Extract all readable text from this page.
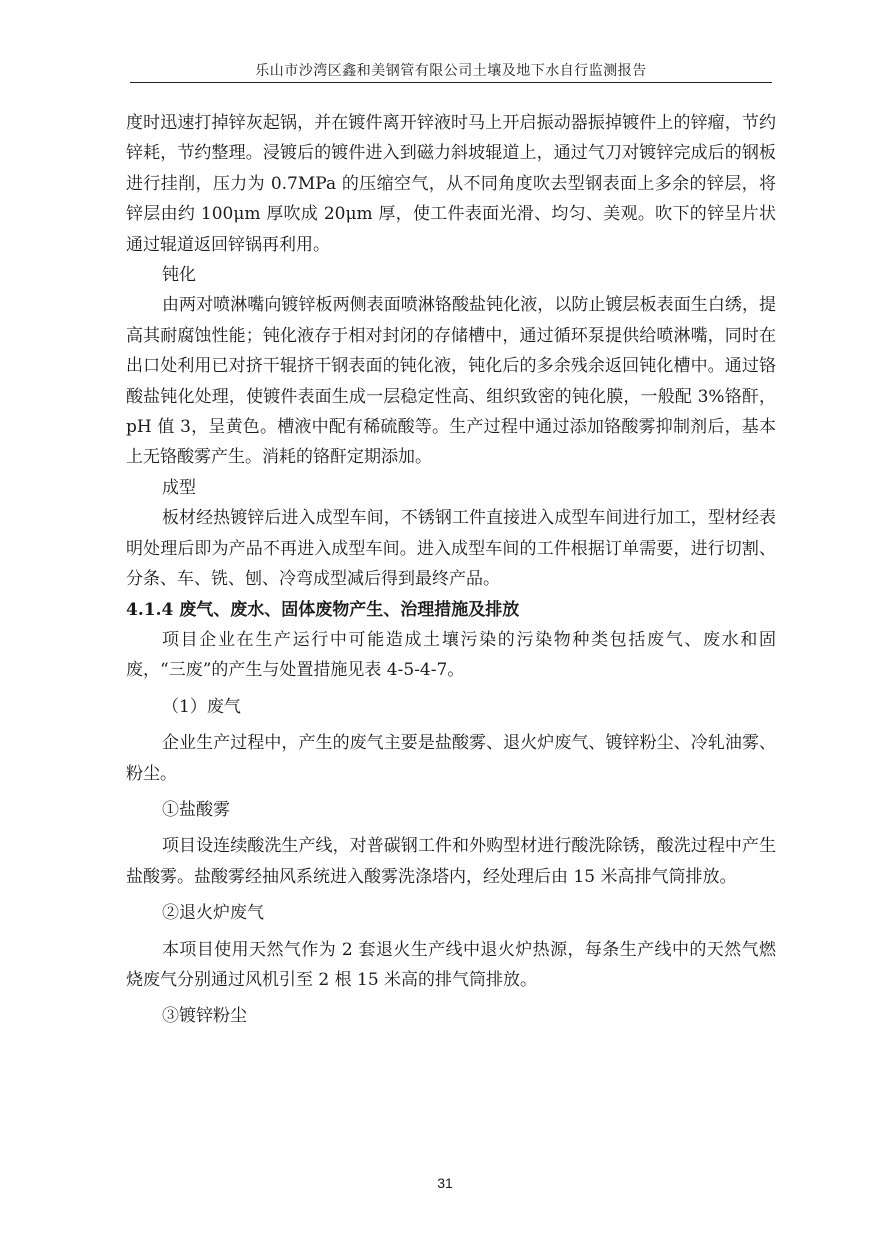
乐山市沙湾区鑫和美钢管有限公司土壤及地下水自行监测报告

度时迅速打掉锌灰起锅，并在镀件离开锌液时马上开启振动器振掉镀件上的锌瘤，节约锌耗，节约整理。浸镀后的镀件进入到磁力斜坡辊道上，通过气刀对镀锌完成后的钢板进行挂削，压力为 0.7MPa 的压缩空气，从不同角度吹去型钢表面上多余的锌层，将锌层由约 100μm 厚吹成 20μm 厚，使工件表面光滑、均匀、美观。吹下的锌呈片状通过辊道返回锌锅再利用。

钝化

由两对喷淋嘴向镀锌板两侧表面喷淋铬酸盐钝化液，以防止镀层板表面生白绣，提高其耐腐蚀性能；钝化液存于相对封闭的存储槽中，通过循环泵提供给喷淋嘴，同时在出口处利用已对挤干辊挤干钢表面的钝化液，钝化后的多余残余返回钝化槽中。通过铬酸盐钝化处理，使镀件表面生成一层稳定性高、组织致密的钝化膜，一般配 3%铬酐，pH 值 3，呈黄色。槽液中配有稀硫酸等。生产过程中通过添加铬酸雾抑制剂后，基本上无铬酸雾产生。消耗的铬酐定期添加。

成型

板材经热镀锌后进入成型车间，不锈钢工件直接进入成型车间进行加工，型材经表明处理后即为产品不再进入成型车间。进入成型车间的工件根据订单需要，进行切割、分条、车、铣、刨、冷弯成型减后得到最终产品。

4.1.4 废气、废水、固体废物产生、治理措施及排放

项目企业在生产运行中可能造成土壤污染的污染物种类包括废气、废水和固废，“三废”的产生与处置措施见表 4-5-4-7。

（1）废气

企业生产过程中，产生的废气主要是盐酸雾、退火炉废气、镀锌粉尘、冷轧油雾、粉尘。

①盐酸雾

项目设连续酸洗生产线，对普碳钢工件和外购型材进行酸洗除锈，酸洗过程中产生盐酸雾。盐酸雾经抽风系统进入酸雾洗涤塔内，经处理后由 15 米高排气筒排放。

②退火炉废气

本项目使用天然气作为 2 套退火生产线中退火炉热源，每条生产线中的天然气燃烧废气分别通过风机引至 2 根 15 米高的排气筒排放。

③镀锌粉尘

31
